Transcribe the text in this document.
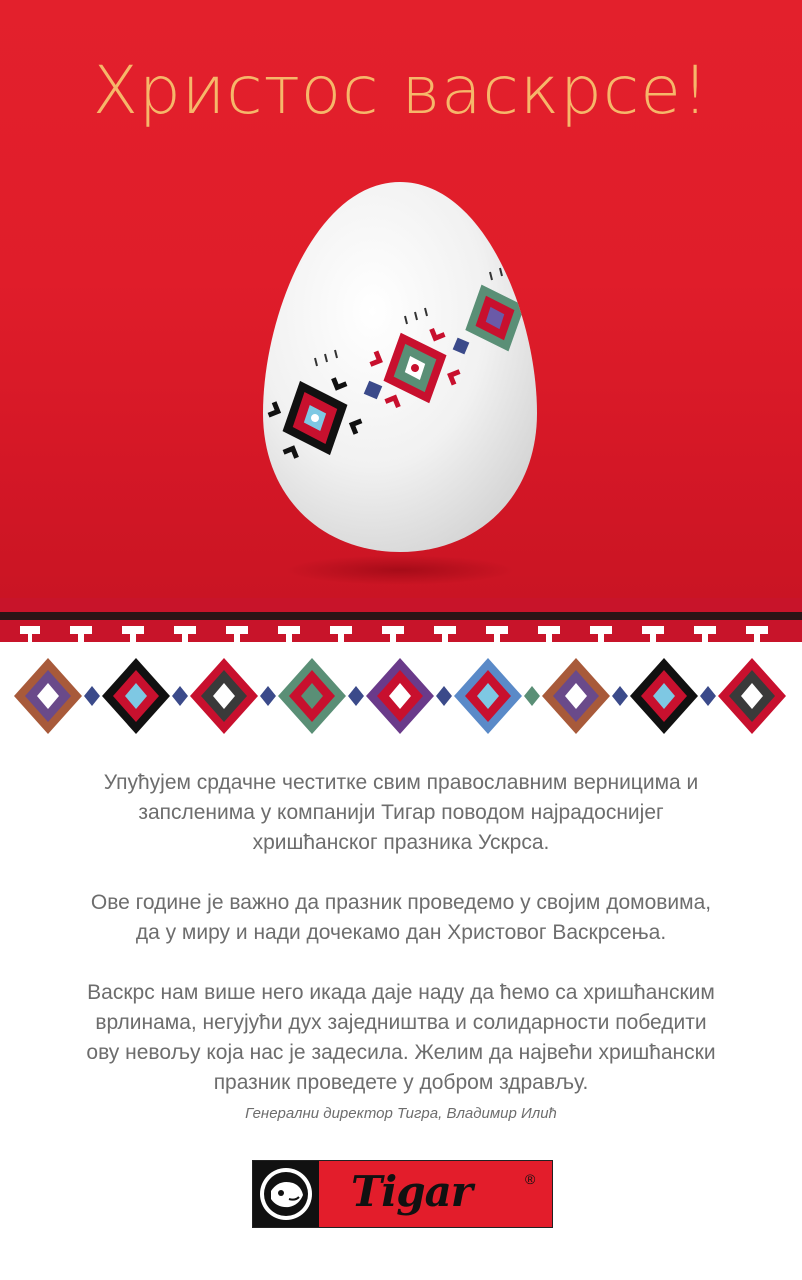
Христос васкрсе!

Упућујем срдачне честитке свим православним верницима и запсленима у компанији Тигар поводом најрадоснијег хришћанског празника Ускрса.

Ове године је важно да празник проведемо у својим домовима, да у миру и нади дочекамо дан Христовог Васкрсења.

Васкрс нам више него икада даје наду да ћемо са хришћанским врлинама, негујући дух заједништва и солидарности победити ову невољу која нас је задесила. Желим да највећи хришћански празник проведете у добром здрављу.

Генерални директор Тигра, Владимир Илић
Tigar	®
